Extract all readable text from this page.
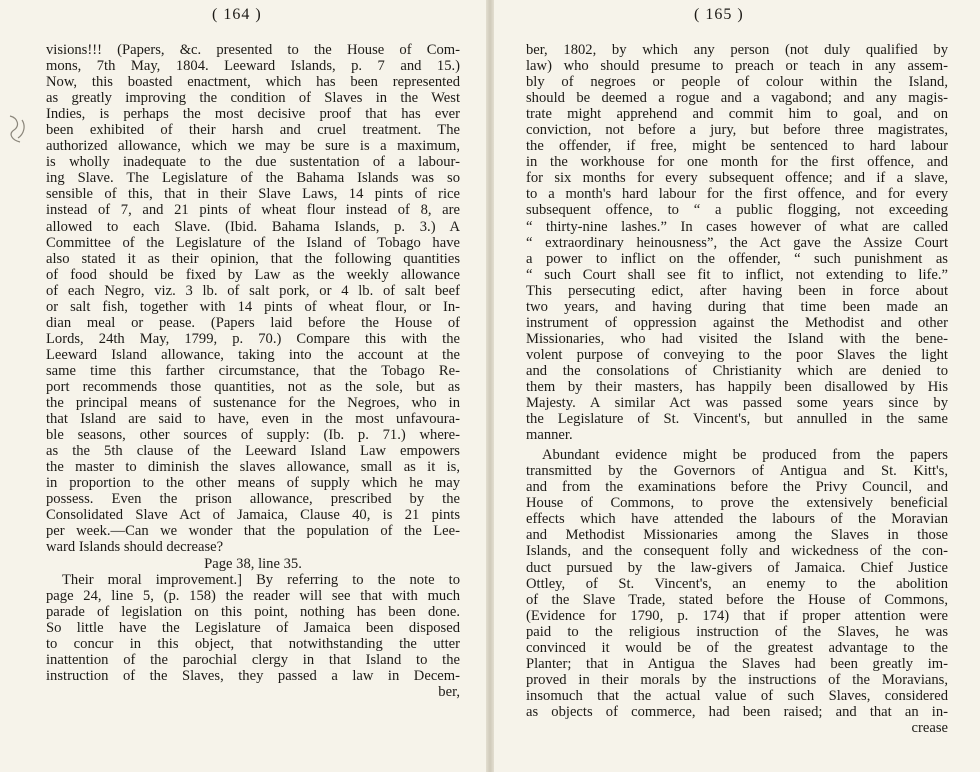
( 164 )
visions!!! (Papers, &c. presented to the House of Com-
mons, 7th May, 1804. Leeward Islands, p. 7 and 15.)
Now, this boasted enactment, which has been represented
as greatly improving the condition of Slaves in the West
Indies, is perhaps the most decisive proof that has ever
been exhibited of their harsh and cruel treatment. The
authorized allowance, which we may be sure is a maximum,
is wholly inadequate to the due sustentation of a labour-
ing Slave. The Legislature of the Bahama Islands was so
sensible of this, that in their Slave Laws, 14 pints of rice
instead of 7, and 21 pints of wheat flour instead of 8, are
allowed to each Slave. (Ibid. Bahama Islands, p. 3.) A
Committee of the Legislature of the Island of Tobago have
also stated it as their opinion, that the following quantities
of food should be fixed by Law as the weekly allowance
of each Negro, viz. 3 lb. of salt pork, or 4 lb. of salt beef
or salt fish, together with 14 pints of wheat flour, or In-
dian meal or pease. (Papers laid before the House of
Lords, 24th May, 1799, p. 70.) Compare this with the
Leeward Island allowance, taking into the account at the
same time this farther circumstance, that the Tobago Re-
port recommends those quantities, not as the sole, but as
the principal means of sustenance for the Negroes, who in
that Island are said to have, even in the most unfavoura-
ble seasons, other sources of supply: (Ib. p. 71.) where-
as the 5th clause of the Leeward Island Law empowers
the master to diminish the slaves allowance, small as it is,
in proportion to the other means of supply which he may
possess. Even the prison allowance, prescribed by the
Consolidated Slave Act of Jamaica, Clause 40, is 21 pints
per week.—Can we wonder that the population of the Lee-
ward Islands should decrease?
Page 38, line 35.
Their moral improvement.] By referring to the note to
page 24, line 5, (p. 158) the reader will see that with much
parade of legislation on this point, nothing has been done.
So little have the Legislature of Jamaica been disposed
to concur in this object, that notwithstanding the utter
inattention of the parochial clergy in that Island to the
instruction of the Slaves, they passed a law in Decem-
ber,
( 165 )
ber, 1802, by which any person (not duly qualified by
law) who should presume to preach or teach in any assem-
bly of negroes or people of colour within the Island,
should be deemed a rogue and a vagabond; and any magis-
trate might apprehend and commit him to goal, and on
conviction, not before a jury, but before three magistrates,
the offender, if free, might be sentenced to hard labour
in the workhouse for one month for the first offence, and
for six months for every subsequent offence; and if a slave,
to a month's hard labour for the first offence, and for every
subsequent offence, to “ a public flogging, not exceeding
“ thirty-nine lashes.” In cases however of what are called
“ extraordinary heinousness”, the Act gave the Assize Court
a power to inflict on the offender, “ such punishment as
“ such Court shall see fit to inflict, not extending to life.”
This persecuting edict, after having been in force about
two years, and having during that time been made an
instrument of oppression against the Methodist and other
Missionaries, who had visited the Island with the bene-
volent purpose of conveying to the poor Slaves the light
and the consolations of Christianity which are denied to
them by their masters, has happily been disallowed by His
Majesty. A similar Act was passed some years since by
the Legislature of St. Vincent's, but annulled in the same
manner.
Abundant evidence might be produced from the papers
transmitted by the Governors of Antigua and St. Kitt's,
and from the examinations before the Privy Council, and
House of Commons, to prove the extensively beneficial
effects which have attended the labours of the Moravian
and Methodist Missionaries among the Slaves in those
Islands, and the consequent folly and wickedness of the con-
duct pursued by the law-givers of Jamaica. Chief Justice
Ottley, of St. Vincent's, an enemy to the abolition
of the Slave Trade, stated before the House of Commons,
(Evidence for 1790, p. 174) that if proper attention were
paid to the religious instruction of the Slaves, he was
convinced it would be of the greatest advantage to the
Planter; that in Antigua the Slaves had been greatly im-
proved in their morals by the instructions of the Moravians,
insomuch that the actual value of such Slaves, considered
as objects of commerce, had been raised; and that an in-
crease
